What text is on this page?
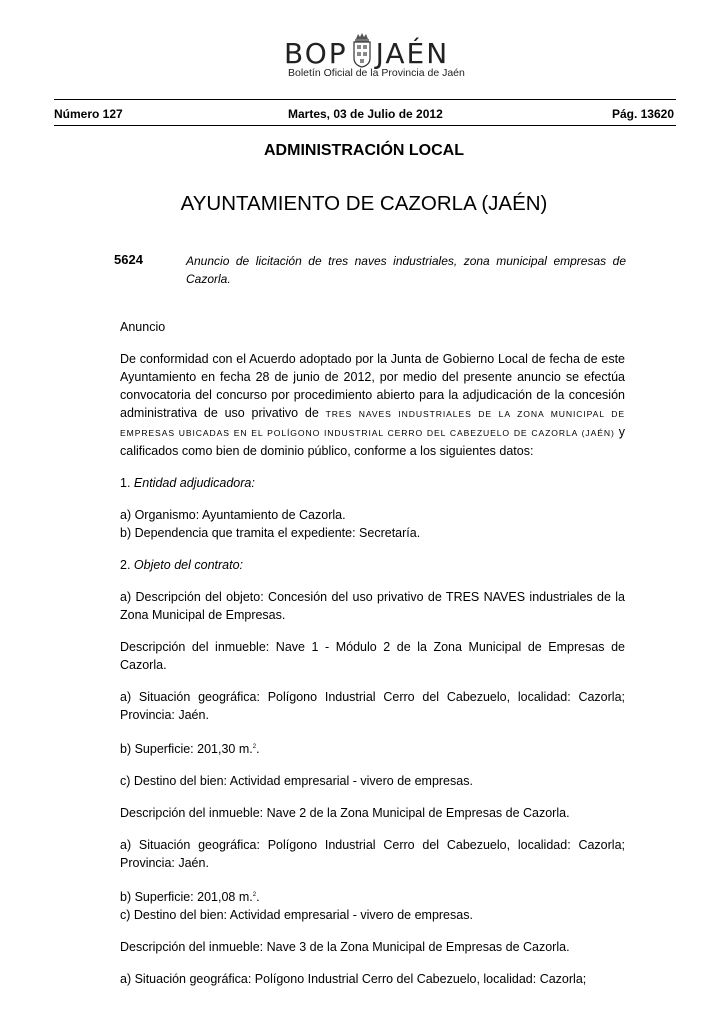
BOP JAÉN
Boletín Oficial de la Provincia de Jaén
Número 127	Martes, 03 de Julio de 2012	Pág. 13620
ADMINISTRACIÓN LOCAL
AYUNTAMIENTO DE CAZORLA (JAÉN)
5624	Anuncio de licitación de tres naves industriales, zona municipal empresas de Cazorla.

Anuncio

De conformidad con el Acuerdo adoptado por la Junta de Gobierno Local de fecha de este Ayuntamiento en fecha 28 de junio de 2012, por medio del presente anuncio se efectúa convocatoria del concurso por procedimiento abierto para la adjudicación de la concesión administrativa de uso privativo de TRES NAVES INDUSTRIALES DE LA ZONA MUNICIPAL DE EMPRESAS UBICADAS EN EL POLÍGONO INDUSTRIAL CERRO DEL CABEZUELO DE CAZORLA (JAÉN) y calificados como bien de dominio público, conforme a los siguientes datos:

1. Entidad adjudicadora:

a) Organismo: Ayuntamiento de Cazorla.

b) Dependencia que tramita el expediente: Secretaría.

2. Objeto del contrato:

a) Descripción del objeto: Concesión del uso privativo de TRES NAVES industriales de la Zona Municipal de Empresas.

Descripción del inmueble: Nave 1 - Módulo 2 de la Zona Municipal de Empresas de Cazorla.

a) Situación geográfica: Polígono Industrial Cerro del Cabezuelo, localidad: Cazorla; Provincia: Jaén.

b) Superficie: 201,30 m.$^2$.

c) Destino del bien: Actividad empresarial - vivero de empresas.

Descripción del inmueble: Nave 2 de la Zona Municipal de Empresas de Cazorla.

a) Situación geográfica: Polígono Industrial Cerro del Cabezuelo, localidad: Cazorla; Provincia: Jaén.

b) Superficie: 201,08 m.$^2$.

c) Destino del bien: Actividad empresarial - vivero de empresas.

Descripción del inmueble: Nave 3 de la Zona Municipal de Empresas de Cazorla.

a) Situación geográfica: Polígono Industrial Cerro del Cabezuelo, localidad: Cazorla;
